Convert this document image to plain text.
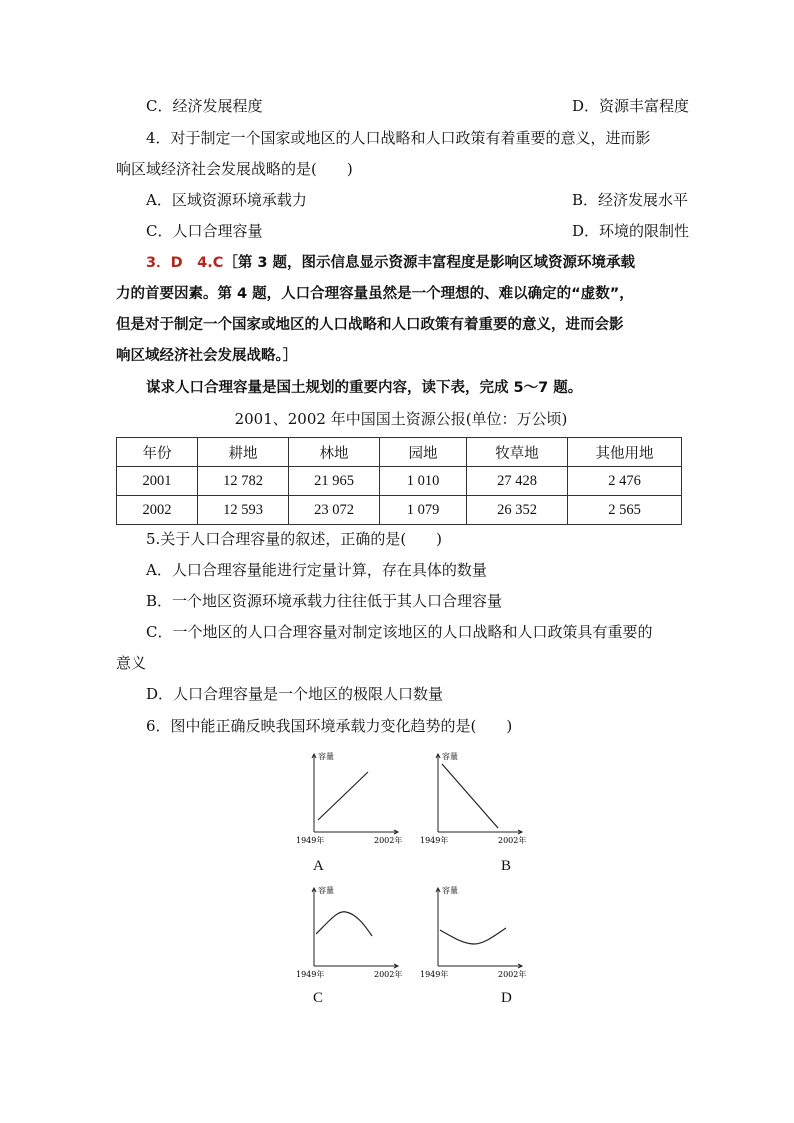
C．经济发展程度	D．资源丰富程度
4．对于制定一个国家或地区的人口战略和人口政策有着重要的意义，进而影
响区域经济社会发展战略的是(　　)
A．区域资源环境承载力	B．经济发展水平
C．人口合理容量	D．环境的限制性
3．D　4.C［第 3 题，图示信息显示资源丰富程度是影响区域资源环境承载
力的首要因素。第 4 题，人口合理容量虽然是一个理想的、难以确定的“虚数”，
但是对于制定一个国家或地区的人口战略和人口政策有着重要的意义，进而会影
响区域经济社会发展战略。］
谋求人口合理容量是国土规划的重要内容，读下表，完成 5～7 题。
2001、2002 年中国国土资源公报(单位：万公顷)
年份	耕地	林地	园地	牧草地	其他用地
2001	12 782	21 965	1 010	27 428	2 476
2002	12 593	23 072	1 079	26 352	2 565
5.关于人口合理容量的叙述，正确的是(　　)
A．人口合理容量能进行定量计算，存在具体的数量
B．一个地区资源环境承载力往往低于其人口合理容量
C．一个地区的人口合理容量对制定该地区的人口战略和人口政策具有重要的
意义
D．人口合理容量是一个地区的极限人口数量
6．图中能正确反映我国环境承载力变化趋势的是(　　)
容量
1949年	2002年
A
容量
1949年	2002年
B
容量
1949年	2002年
C
容量
1949年	2002年
D
